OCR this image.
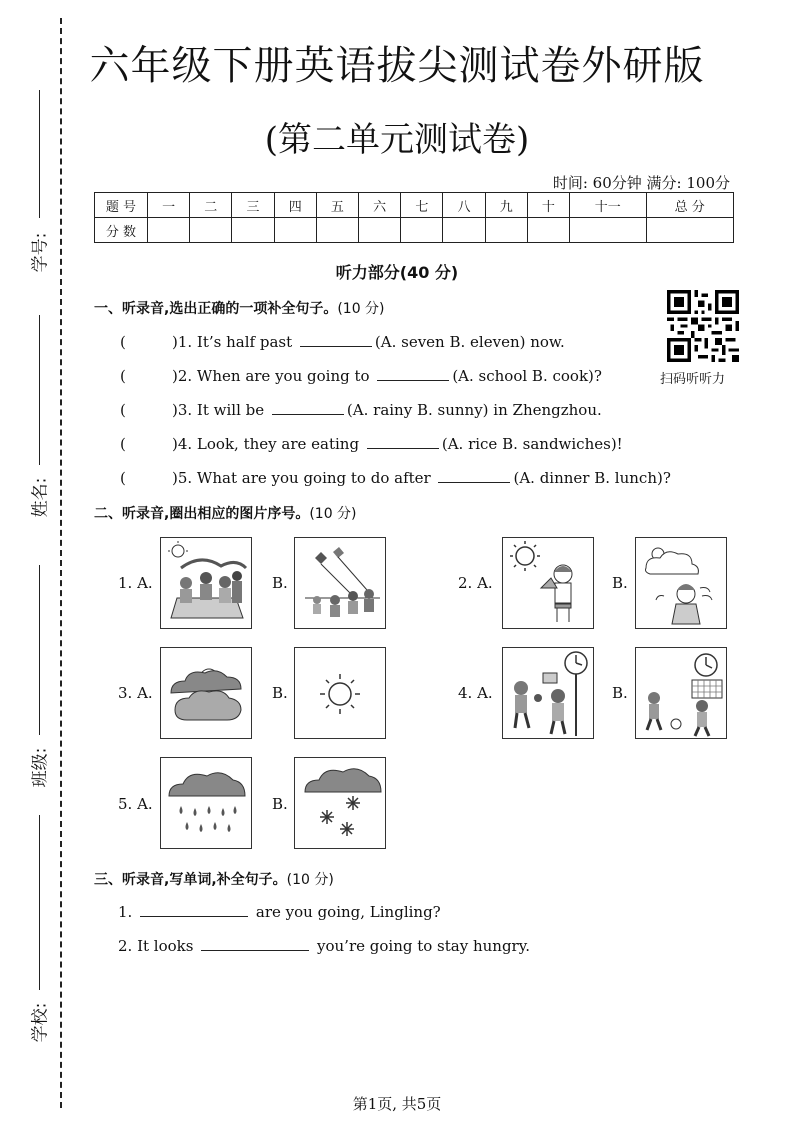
学号:
姓名:
班级:
学校:
六年级下册英语拔尖测试卷外研版
(第二单元测试卷)
时间: 60分钟 满分: 100分
题 号	一	二	三	四	五	六	七	八	九	十	十一	总 分
分 数												
听力部分(40 分)
扫码听听力
一、听录音,选出正确的一项补全句子。(10 分)
(	)1. It’s half past	(A. seven B. eleven) now.
(	)2. When are you going to	(A. school B. cook)?
(	)3. It will be	(A. rainy B. sunny) in Zhengzhou.
(	)4. Look, they are eating	(A. rice B. sandwiches)!
(	)5. What are you going to do after	(A. dinner B. lunch)?
二、听录音,圈出相应的图片序号。(10 分)
1. A.	B.	2. A.	B.
3. A.	B.	4. A.	B.
5. A.	B.
三、听录音,写单词,补全句子。(10 分)
1.	are you going, Lingling?
2. It looks	you’re going to stay hungry.
第1页, 共5页
